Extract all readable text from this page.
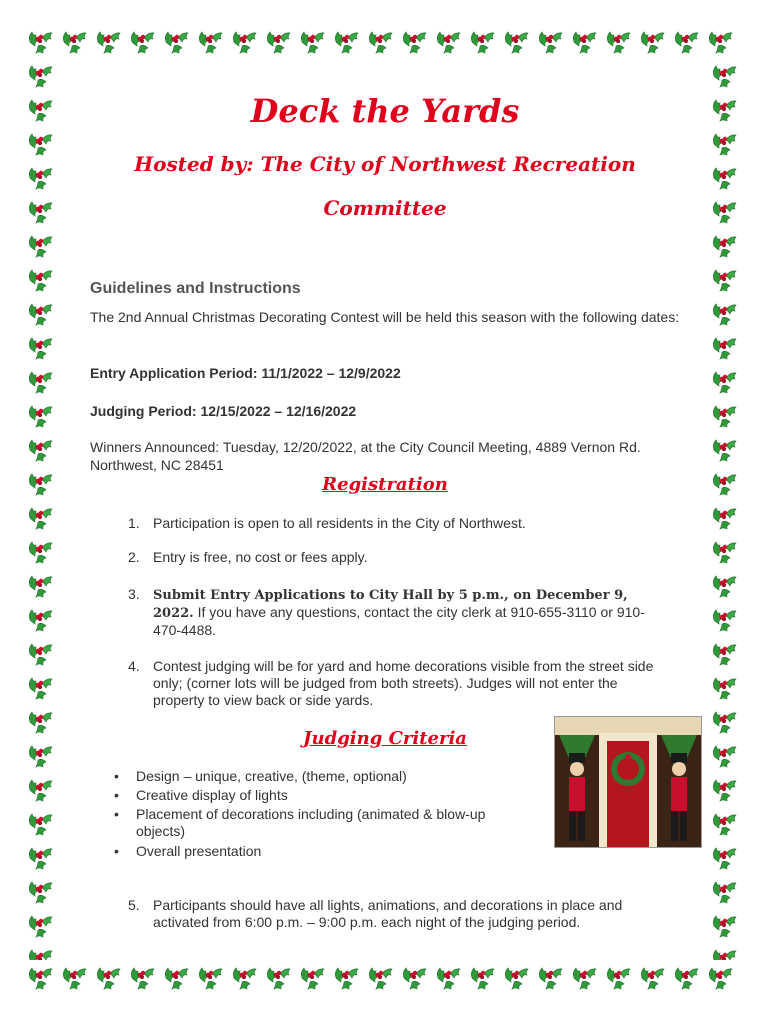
Deck the Yards
Hosted by: The City of Northwest Recreation
Committee
Guidelines and Instructions
The 2nd Annual Christmas Decorating Contest will be held this season with the following dates:
Entry Application Period: 11/1/2022 – 12/9/2022
Judging Period: 12/15/2022 – 12/16/2022
Winners Announced: Tuesday, 12/20/2022, at the City Council Meeting, 4889 Vernon Rd. Northwest, NC 28451
Registration
1. Participation is open to all residents in the City of Northwest.
2. Entry is free, no cost or fees apply.
3. Submit Entry Applications to City Hall by 5 p.m., on December 9, 2022. If you have any questions, contact the city clerk at 910-655-3110 or 910-470-4488.
4. Contest judging will be for yard and home decorations visible from the street side only; (corner lots will be judged from both streets). Judges will not enter the property to view back or side yards.
Judging Criteria
• Design – unique, creative, (theme, optional)
• Creative display of lights
• Placement of decorations including (animated & blow-up objects)
• Overall presentation
5. Participants should have all lights, animations, and decorations in place and activated from 6:00 p.m. – 9:00 p.m. each night of the judging period.
